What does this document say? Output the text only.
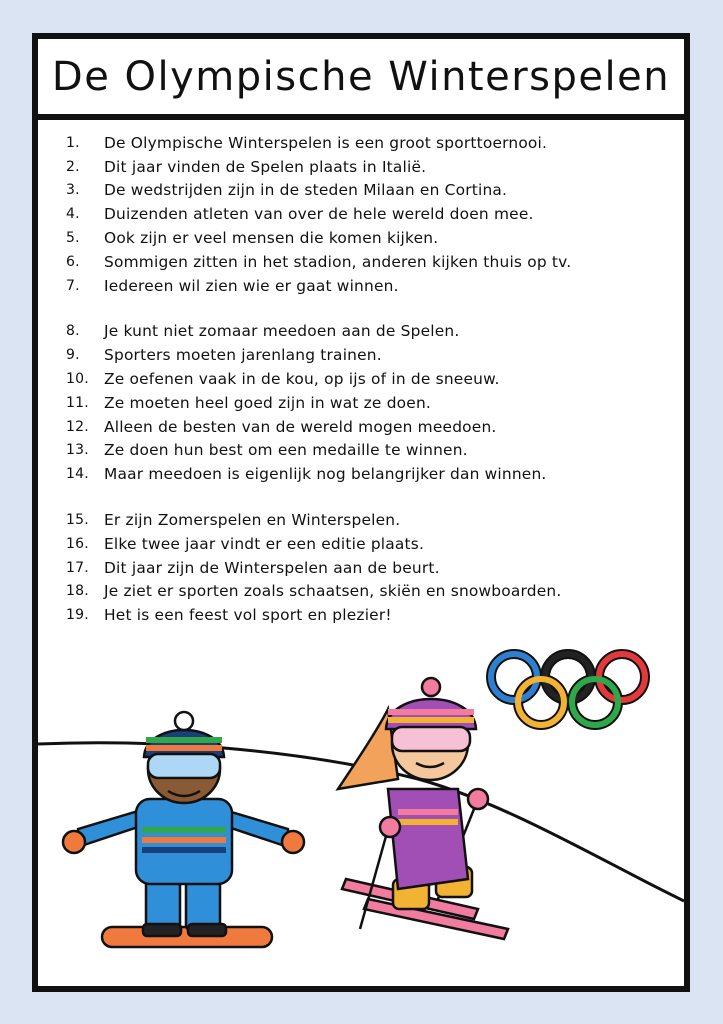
De Olympische Winterspelen
1.	De Olympische Winterspelen is een groot sporttoernooi.
2.	Dit jaar vinden de Spelen plaats in Italië.
3.	De wedstrijden zijn in de steden Milaan en Cortina.
4.	Duizenden atleten van over de hele wereld doen mee.
5.	Ook zijn er veel mensen die komen kijken.
6.	Sommigen zitten in het stadion, anderen kijken thuis op tv.
7.	Iedereen wil zien wie er gaat winnen.
8.	Je kunt niet zomaar meedoen aan de Spelen.
9.	Sporters moeten jarenlang trainen.
10. Ze oefenen vaak in de kou, op ijs of in de sneeuw.
11. Ze moeten heel goed zijn in wat ze doen.
12. Alleen de besten van de wereld mogen meedoen.
13. Ze doen hun best om een medaille te winnen.
14. Maar meedoen is eigenlijk nog belangrijker dan winnen.
15. Er zijn Zomerspelen en Winterspelen.
16. Elke twee jaar vindt er een editie plaats.
17. Dit jaar zijn de Winterspelen aan de beurt.
18. Je ziet er sporten zoals schaatsen, skiën en snowboarden.
19. Het is een feest vol sport en plezier!
